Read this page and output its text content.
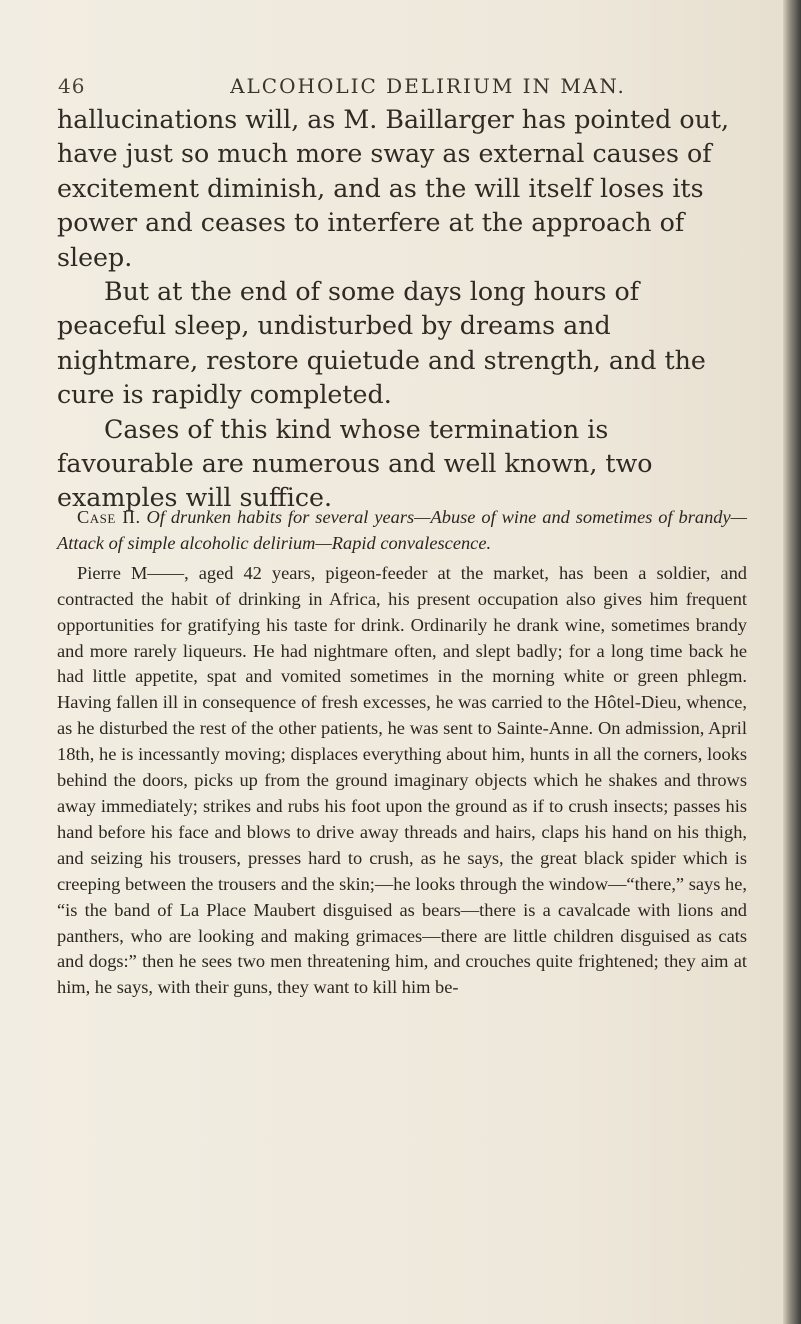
46	ALCOHOLIC DELIRIUM IN MAN.

hallucinations will, as M. Baillarger has pointed out, have just so much more sway as external causes of excitement diminish, and as the will itself loses its power and ceases to interfere at the approach of sleep.

But at the end of some days long hours of peaceful sleep, undisturbed by dreams and nightmare, restore quietude and strength, and the cure is rapidly completed.

Cases of this kind whose termination is favourable are numerous and well known, two examples will suffice.

Case II. Of drunken habits for several years—Abuse of wine and sometimes of brandy—Attack of simple alcoholic delirium—Rapid convalescence.

Pierre M——, aged 42 years, pigeon-feeder at the market, has been a soldier, and contracted the habit of drinking in Africa, his present occupation also gives him frequent opportunities for gratifying his taste for drink. Ordinarily he drank wine, sometimes brandy and more rarely liqueurs. He had nightmare often, and slept badly; for a long time back he had little appetite, spat and vomited sometimes in the morning white or green phlegm. Having fallen ill in consequence of fresh excesses, he was carried to the Hôtel-Dieu, whence, as he disturbed the rest of the other patients, he was sent to Sainte-Anne. On admission, April 18th, he is incessantly moving; displaces everything about him, hunts in all the corners, looks behind the doors, picks up from the ground imaginary objects which he shakes and throws away immediately; strikes and rubs his foot upon the ground as if to crush insects; passes his hand before his face and blows to drive away threads and hairs, claps his hand on his thigh, and seizing his trousers, presses hard to crush, as he says, the great black spider which is creeping between the trousers and the skin;—he looks through the window—“there,” says he, “is the band of La Place Maubert disguised as bears—there is a cavalcade with lions and panthers, who are looking and making grimaces—there are little children disguised as cats and dogs:” then he sees two men threatening him, and crouches quite frightened; they aim at him, he says, with their guns, they want to kill him be-
